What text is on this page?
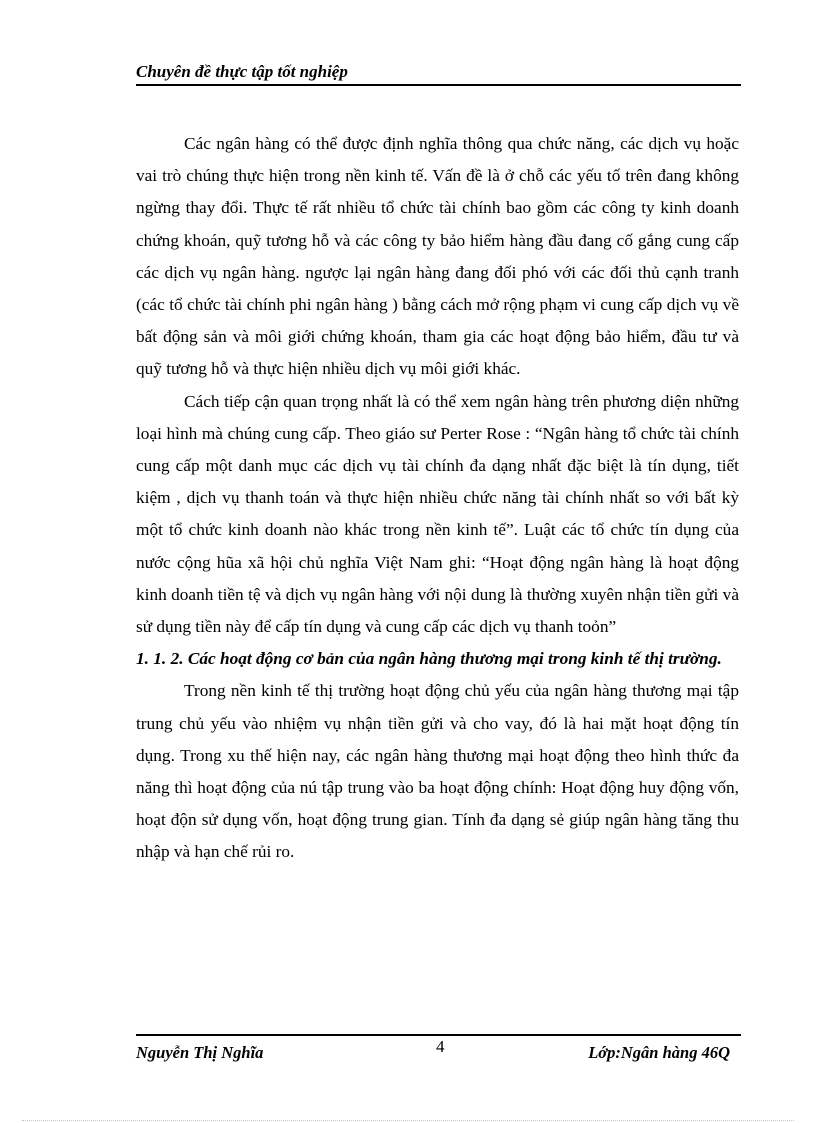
Chuyên đề thực tập tốt nghiệp

Các ngân hàng có thể được định nghĩa thông qua chức năng, các dịch vụ hoặc vai trò chúng thực hiện trong nền kinh tế. Vấn đề là ở chỗ các yếu tố trên đang không ngừng thay đổi. Thực tế rất nhiều tổ chức tài chính bao gồm các công ty kinh doanh chứng khoán, quỹ tương hỗ và các công ty bảo hiểm hàng đầu đang cố gắng cung cấp các dịch vụ ngân hàng. ngược lại ngân hàng đang đối phó với các đối thủ cạnh tranh (các tổ chức tài chính phi ngân hàng ) bằng cách mở rộng phạm vi cung cấp dịch vụ về bất động sản và môi giới chứng khoán, tham gia các hoạt động bảo hiểm, đầu tư và quỹ tương hỗ và thực hiện nhiều dịch vụ môi giới khác.

Cách tiếp cận quan trọng nhất là có thể xem ngân hàng trên phương diện những loại hình mà chúng cung cấp. Theo giáo sư Perter Rose : “Ngân hàng tổ chức tài chính cung cấp một danh mục các dịch vụ tài chính đa dạng nhất đặc biệt là tín dụng, tiết kiệm , dịch vụ thanh toán và thực hiện nhiều chức năng tài chính nhất so với bất kỳ một tổ chức kinh doanh nào khác trong nền kinh tế”. Luật các tổ chức tín dụng của nước cộng hũa xã hội chủ nghĩa Việt Nam ghi: “Hoạt động ngân hàng là hoạt động kinh doanh tiền tệ và dịch vụ ngân hàng với nội dung là thường xuyên nhận tiền gửi và sử dụng tiền này để cấp tín dụng và cung cấp các dịch vụ thanh toỏn”

1. 1. 2. Các hoạt động cơ bản của ngân hàng thương mại trong kinh tế thị trường.

Trong nền kinh tế thị trường hoạt động chủ yếu của ngân hàng thương mại tập trung chủ yếu vào nhiệm vụ nhận tiền gửi và cho vay, đó là hai mặt hoạt động tín dụng. Trong xu thế hiện nay, các ngân hàng thương mại hoạt động theo hình thức đa năng thì hoạt động của nú tập trung vào ba hoạt động chính: Hoạt động huy động vốn, hoạt độn sử dụng vốn, hoạt động trung gian. Tính đa dạng sẻ giúp ngân hàng tăng thu nhập và hạn chế rủi ro.

Nguyễn Thị Nghĩa	4	Lớp:Ngân hàng 46Q
